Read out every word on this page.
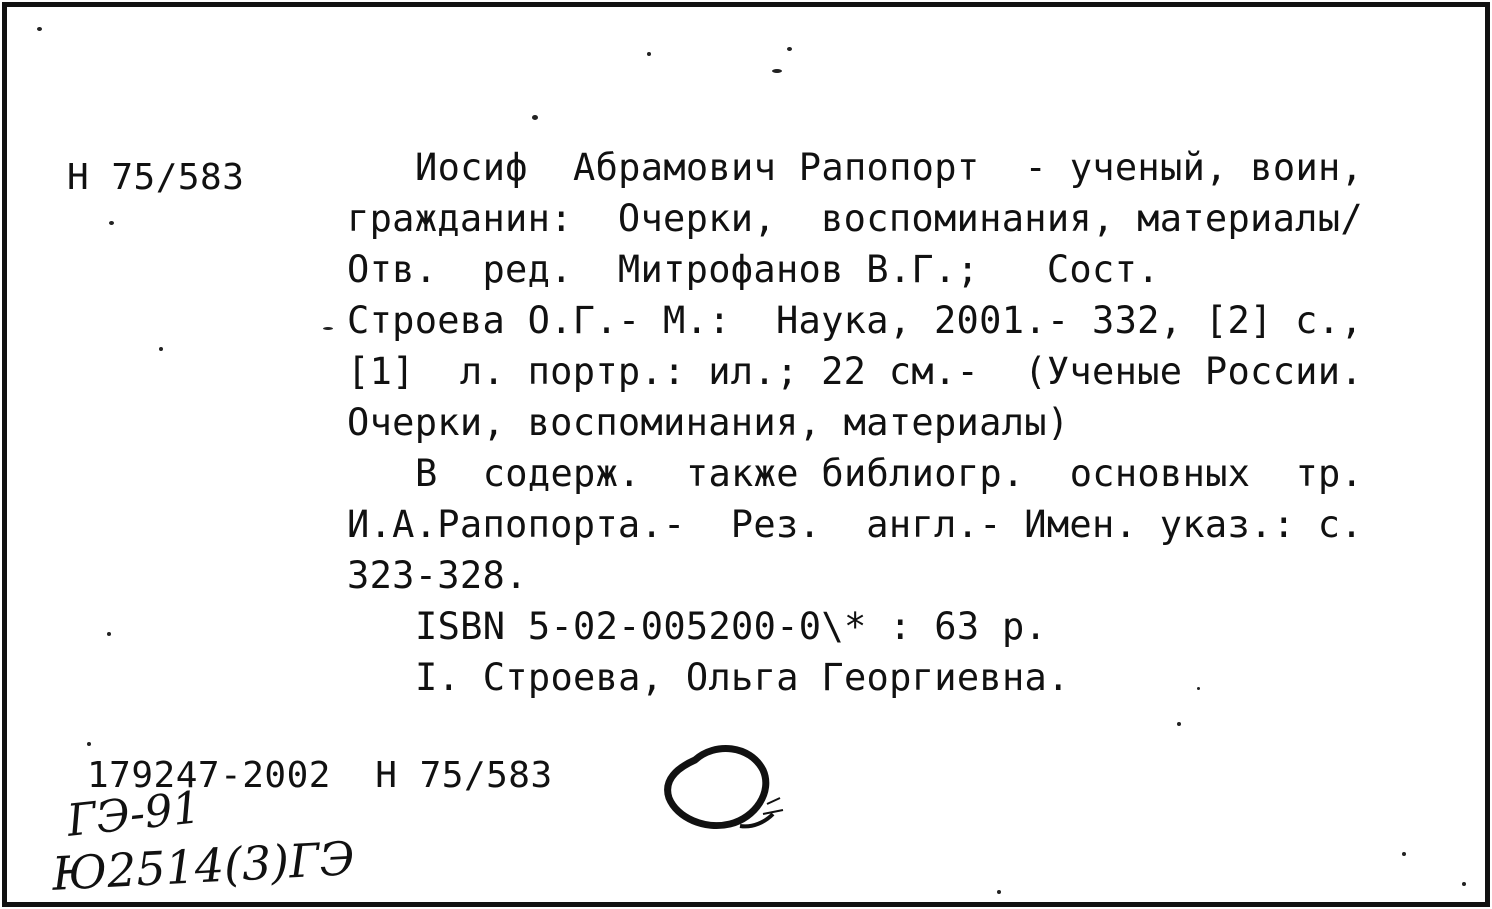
Н 75/583	Иосиф  Абрамович Рапопорт  - ученый, воин,
гражданин:  Очерки,  воспоминания, материалы/
Отв.  ред.  Митрофанов В.Г.;   Сост.
Строева О.Г.- М.:  Наука, 2001.- 332, [2] с.,
[1]  л. портр.: ил.; 22 см.-  (Ученые России.
Очерки, воспоминания, материалы)
В  содерж.  также библиогр.  основных  тр.
И.А.Рапопорта.-  Рез.  англ.- Имен. указ.: с.
323-328.
ISBN 5-02-005200-0\* : 63 р.
I. Строева, Ольга Георгиевна.
179247-2002  Н 75/583
ГЭ-91
Ю2514(3)ГЭ
